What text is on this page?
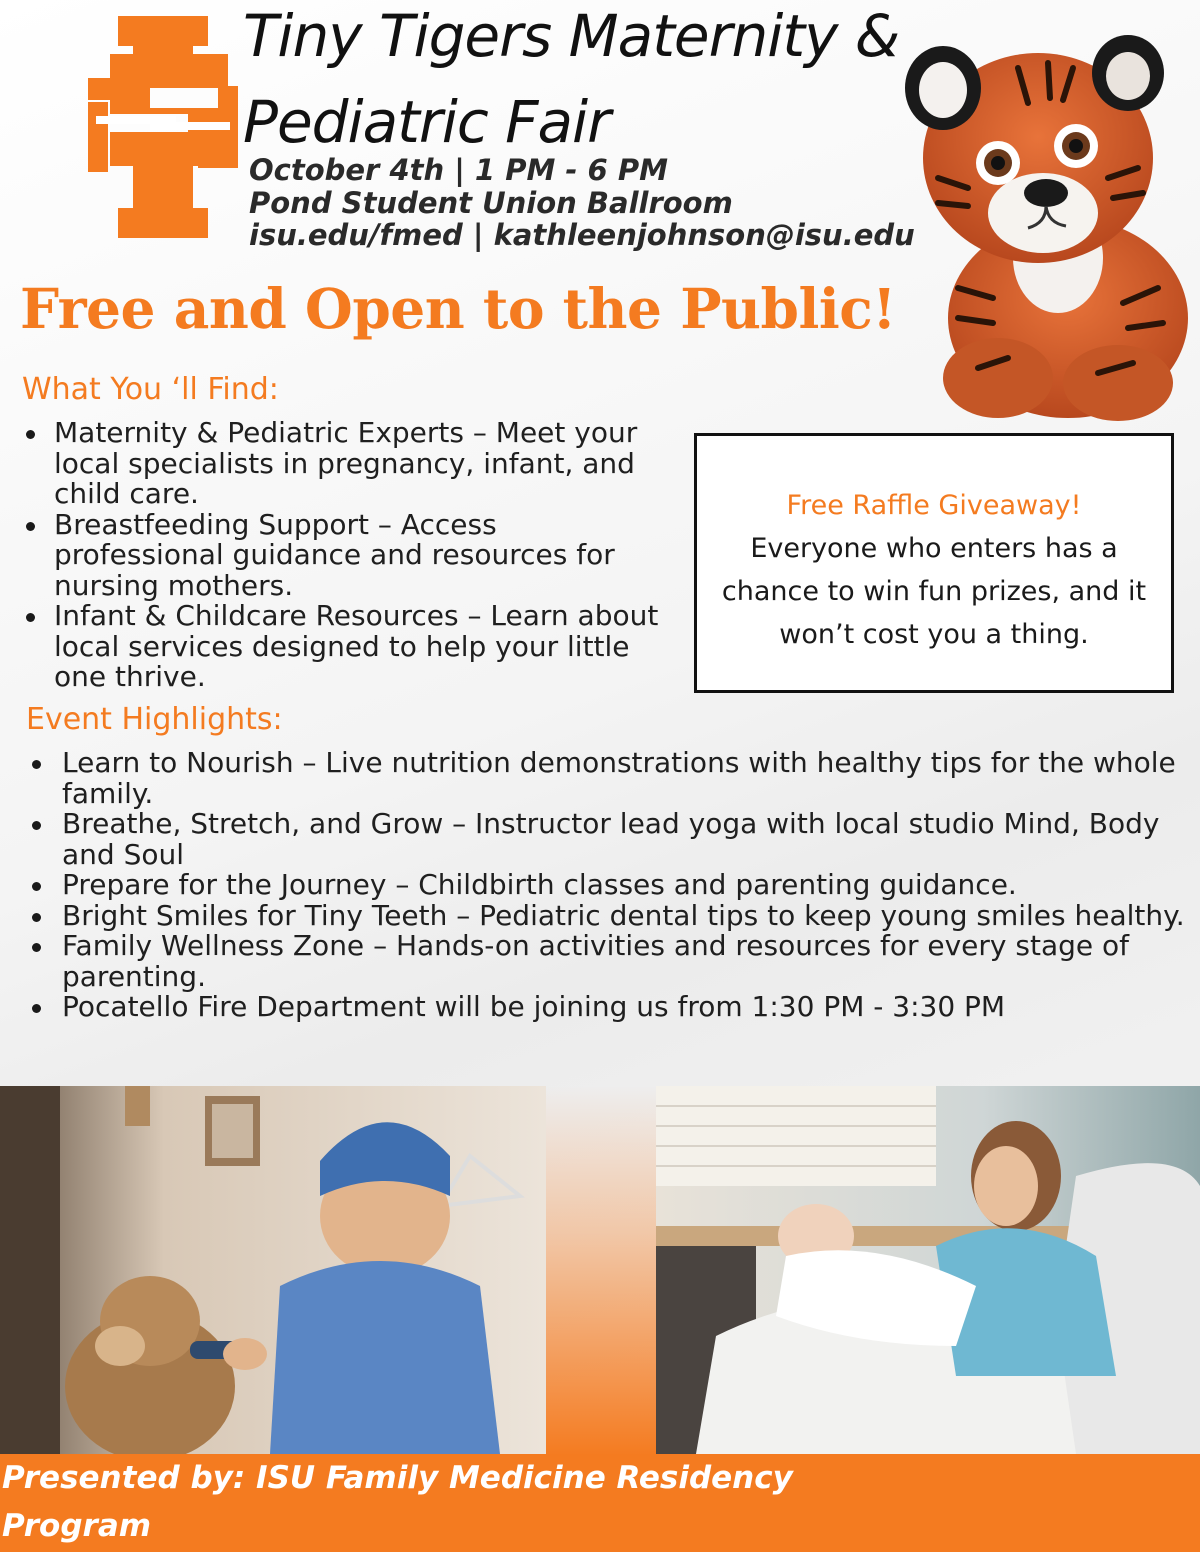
Tiny Tigers Maternity &
Pediatric Fair
October 4th | 1 PM - 6 PM
Pond Student Union Ballroom
isu.edu/fmed | kathleenjohnson@isu.edu
Free and Open to the Public!
What You ‘ll Find:
Maternity & Pediatric Experts – Meet your local specialists in pregnancy, infant, and child care.
Breastfeeding Support – Access professional guidance and resources for nursing mothers.
Infant & Childcare Resources – Learn about local services designed to help your little one thrive.
Free Raffle Giveaway!
Everyone who enters has a chance to win fun prizes, and it won’t cost you a thing.
Event Highlights:
Learn to Nourish – Live nutrition demonstrations with healthy tips for the whole family.
Breathe, Stretch, and Grow – Instructor lead yoga with local studio Mind, Body and Soul
Prepare for the Journey – Childbirth classes and parenting guidance.
Bright Smiles for Tiny Teeth – Pediatric dental tips to keep young smiles healthy.
Family Wellness Zone – Hands-on activities and resources for every stage of parenting.
Pocatello Fire Department will be joining us from 1:30 PM - 3:30 PM
Presented by: ISU Family Medicine Residency
Program
